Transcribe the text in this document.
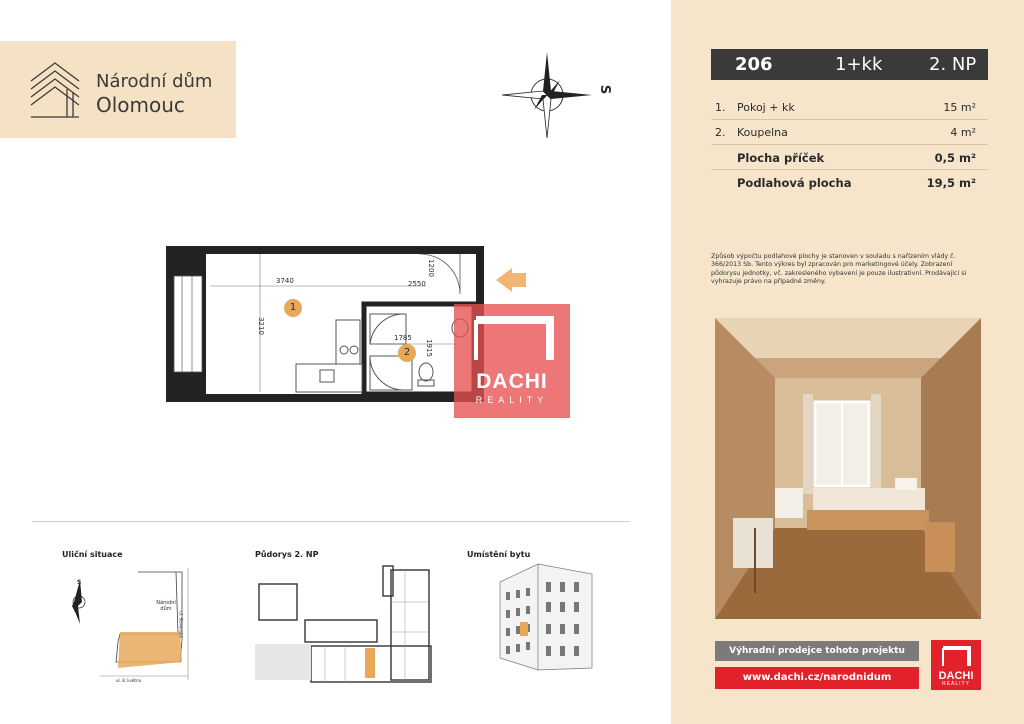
Národní dům
Olomouc
S
3740	2550
3210
1200
1785
1915
1
2
DACHI
REALITY
Uliční situace
S
Národní
dům
ul. Slovenská
ul. 8. května
Půdorys 2. NP	Umístění bytu
206	1+kk	2. NP
1. Pokoj + kk	15 m²
2. Koupelna	4 m²
Plocha příček	0,5 m²
Podlahová plocha	19,5 m²
Způsob výpočtu podlahové plochy je stanoven v souladu s nařízením vlády č. 366/2013 Sb. Tento výkres byl zpracován pro marketingové účely. Zobrazení půdorysu jednotky, vč. zakresleného vybavení je pouze ilustrativní. Prodávající si vyhrazuje právo na případné změny.
Výhradní prodejce tohoto projektu
www.dachi.cz/narodnidum	DACHI
REALITY
